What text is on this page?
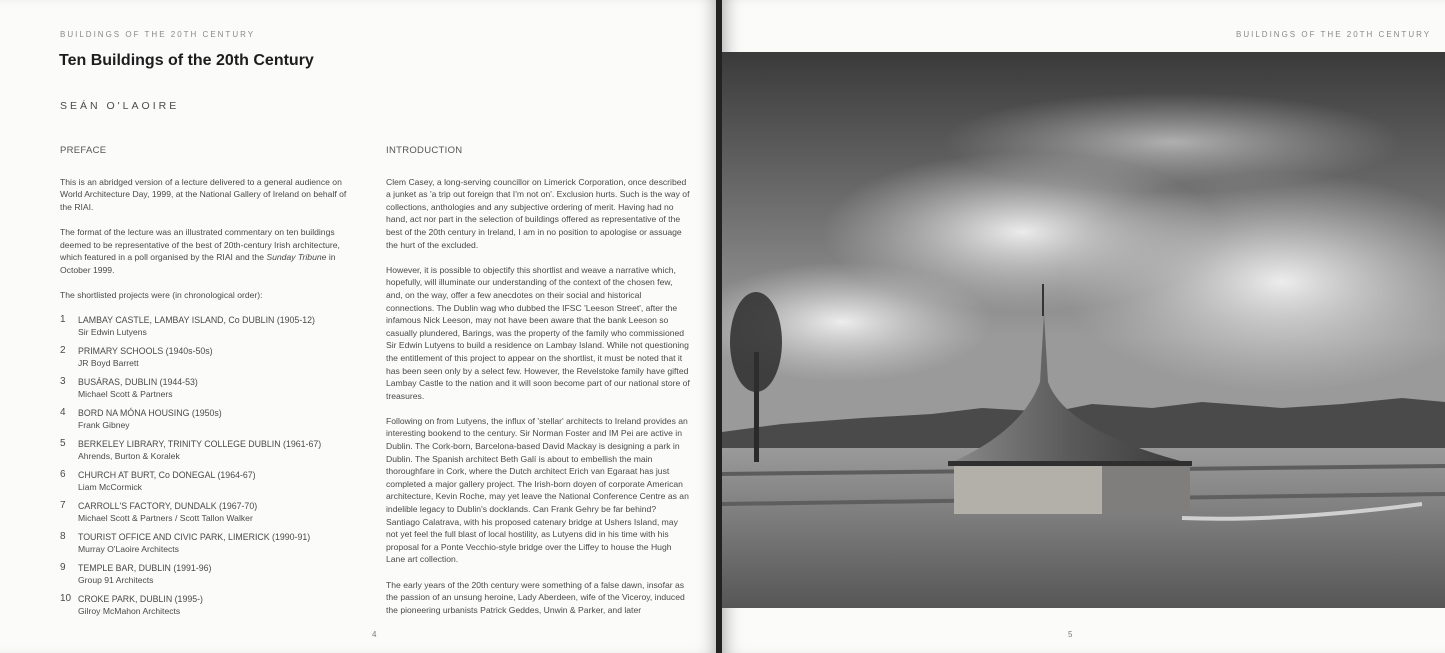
BUILDINGS OF THE 20TH CENTURY
Ten Buildings of the 20th Century
SEÁN O'LAOIRE
PREFACE

This is an abridged version of a lecture delivered to a general audience on World Architecture Day, 1999, at the National Gallery of Ireland on behalf of the RIAI.

The format of the lecture was an illustrated commentary on ten buildings deemed to be representative of the best of 20th-century Irish architecture, which featured in a poll organised by the RIAI and the Sunday Tribune in October 1999.

The shortlisted projects were (in chronological order):

1	LAMBAY CASTLE, LAMBAY ISLAND, Co DUBLIN (1905-12)
Sir Edwin Lutyens
2	PRIMARY SCHOOLS (1940s-50s)
JR Boyd Barrett
3	BUSÁRAS, DUBLIN (1944-53)
Michael Scott & Partners
4	BORD NA MÓNA HOUSING (1950s)
Frank Gibney
5	BERKELEY LIBRARY, TRINITY COLLEGE DUBLIN (1961-67)
Ahrends, Burton & Koralek
6	CHURCH AT BURT, Co DONEGAL (1964-67)
Liam McCormick
7	CARROLL'S FACTORY, DUNDALK (1967-70)
Michael Scott & Partners / Scott Tallon Walker
8	TOURIST OFFICE AND CIVIC PARK, LIMERICK (1990-91)
Murray O'Laoire Architects
9	TEMPLE BAR, DUBLIN (1991-96)
Group 91 Architects
10 CROKE PARK, DUBLIN (1995-)
Gilroy McMahon Architects
INTRODUCTION

Clem Casey, a long-serving councillor on Limerick Corporation, once described a junket as 'a trip out foreign that I'm not on'. Exclusion hurts. Such is the way of collections, anthologies and any subjective ordering of merit. Having had no hand, act nor part in the selection of buildings offered as representative of the best of the 20th century in Ireland, I am in no position to apologise or assuage the hurt of the excluded.

However, it is possible to objectify this shortlist and weave a narrative which, hopefully, will illuminate our understanding of the context of the chosen few, and, on the way, offer a few anecdotes on their social and historical connections. The Dublin wag who dubbed the IFSC 'Leeson Street', after the infamous Nick Leeson, may not have been aware that the bank Leeson so casually plundered, Barings, was the property of the family who commissioned Sir Edwin Lutyens to build a residence on Lambay Island. While not questioning the entitlement of this project to appear on the shortlist, it must be noted that it has been seen only by a select few. However, the Revelstoke family have gifted Lambay Castle to the nation and it will soon become part of our national store of treasures.

Following on from Lutyens, the influx of 'stellar' architects to Ireland provides an interesting bookend to the century. Sir Norman Foster and IM Pei are active in Dublin. The Cork-born, Barcelona-based David Mackay is designing a park in Dublin. The Spanish architect Beth Galí is about to embellish the main thoroughfare in Cork, where the Dutch architect Erich van Egaraat has just completed a major gallery project. The Irish-born doyen of corporate American architecture, Kevin Roche, may yet leave the National Conference Centre as an indelible legacy to Dublin's docklands. Can Frank Gehry be far behind? Santiago Calatrava, with his proposed catenary bridge at Ushers Island, may not yet feel the full blast of local hostility, as Lutyens did in his time with his proposal for a Ponte Vecchio-style bridge over the Liffey to house the Hugh Lane art collection.

The early years of the 20th century were something of a false dawn, insofar as the passion of an unsung heroine, Lady Aberdeen, wife of the Viceroy, induced the pioneering urbanists Patrick Geddes, Unwin & Parker, and later

4
BUILDINGS OF THE 20TH CENTURY
5
